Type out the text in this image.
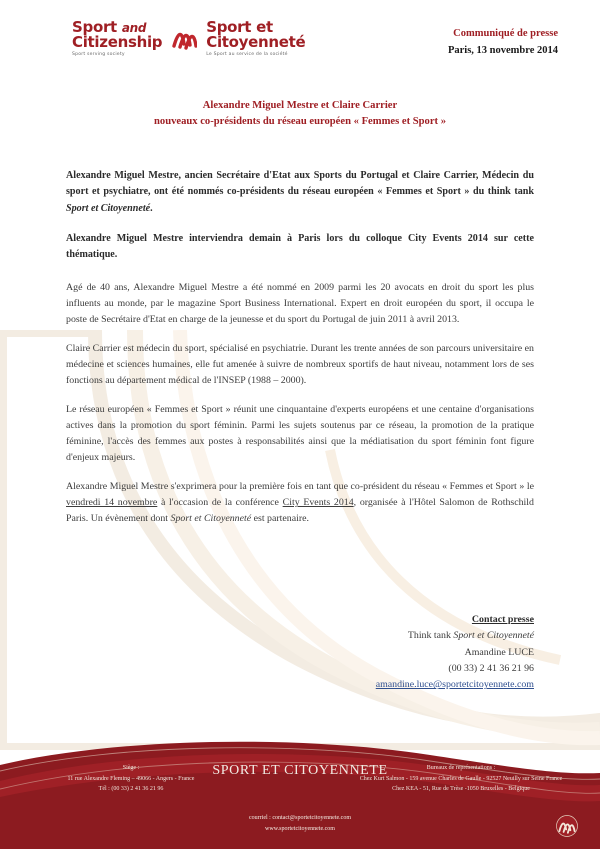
Sport and
Citizenship
Sport serving society
Sport et
Citoyenneté
Le Sport au service de la société
Communiqué de presse
Paris, 13 novembre 2014
Alexandre Miguel Mestre et Claire Carrier
nouveaux co-présidents du réseau européen « Femmes et Sport »

Alexandre Miguel Mestre, ancien Secrétaire d'Etat aux Sports du Portugal et Claire Carrier, Médecin du sport et psychiatre, ont été nommés co-présidents du réseau européen « Femmes et Sport » du think tank Sport et Citoyenneté.

Alexandre Miguel Mestre interviendra demain à Paris lors du colloque City Events 2014 sur cette thématique.

Agé de 40 ans, Alexandre Miguel Mestre a été nommé en 2009 parmi les 20 avocats en droit du sport les plus influents au monde, par le magazine Sport Business International. Expert en droit européen du sport, il occupa le poste de Secrétaire d'Etat en charge de la jeunesse et du sport du Portugal de juin 2011 à avril 2013.

Claire Carrier est médecin du sport, spécialisé en psychiatrie. Durant les trente années de son parcours universitaire en médecine et sciences humaines, elle fut amenée à suivre de nombreux sportifs de haut niveau, notamment lors de ses fonctions au département médical de l'INSEP (1988 – 2000).

Le réseau européen « Femmes et Sport » réunit une cinquantaine d'experts européens et une centaine d'organisations actives dans la promotion du sport féminin. Parmi les sujets soutenus par ce réseau, la promotion de la pratique féminine, l'accès des femmes aux postes à responsabilités ainsi que la médiatisation du sport féminin font figure d'enjeux majeurs.

Alexandre Miguel Mestre s'exprimera pour la première fois en tant que co-président du réseau « Femmes et Sport » le vendredi 14 novembre à l'occasion de la conférence City Events 2014, organisée à l'Hôtel Salomon de Rothschild Paris. Un évènement dont Sport et Citoyenneté est partenaire.

Contact presse
Think tank Sport et Citoyenneté
Amandine LUCE
(00 33) 2 41 36 21 96
amandine.luce@sportetcitoyennete.com
SPORT ET CITOYENNETE
Siège :
11 rue Alexandre Fleming – 49066 - Angers - France
Tél : (00 33) 2 41 36 21 96
Bureaux de représentations :
Chez Kurt Salmon - 159 avenue Charles de Gaulle - 92527 Neuilly sur Seine France
Chez KEA - 51, Rue de Trèse -1050 Bruxelles - Belgique
courriel : contact@sportetcitoyennete.com
www.sportetcitoyennete.com
